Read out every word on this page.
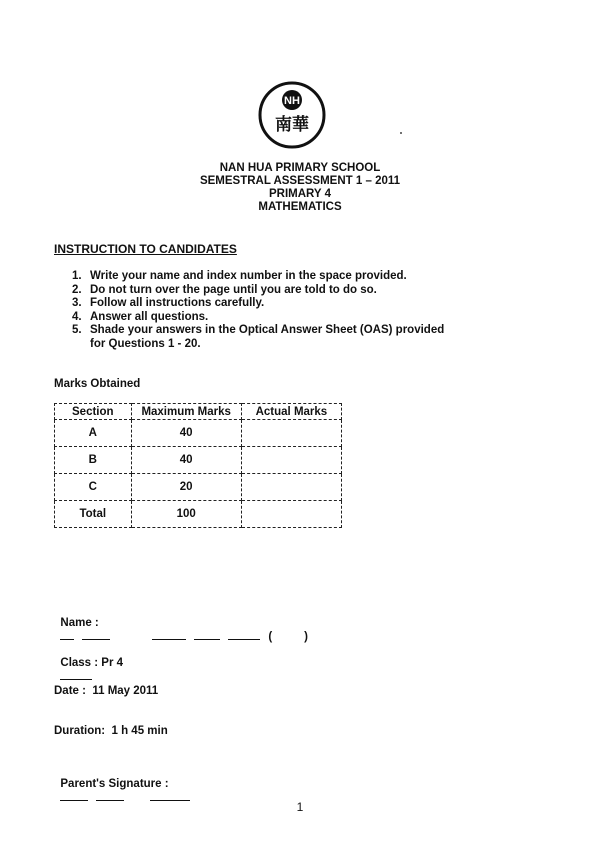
NH
南華
NAN HUA PRIMARY SCHOOL
SEMESTRAL ASSESSMENT 1 – 2011
PRIMARY 4
MATHEMATICS
INSTRUCTION TO CANDIDATES
1. Write your name and index number in the space provided.
2. Do not turn over the page until you are told to do so.
3. Follow all instructions carefully.
4. Answer all questions.
5. Shade your answers in the Optical Answer Sheet (OAS) provided
for Questions 1 - 20.
Marks Obtained
Section	Maximum Marks	Actual Marks
A	40	
B	40	
C	20	
Total	100	

Name :
(          )

Class : Pr 4

Date :  11 May 2011
Duration:  1 h 45 min

Parent's Signature :

1
